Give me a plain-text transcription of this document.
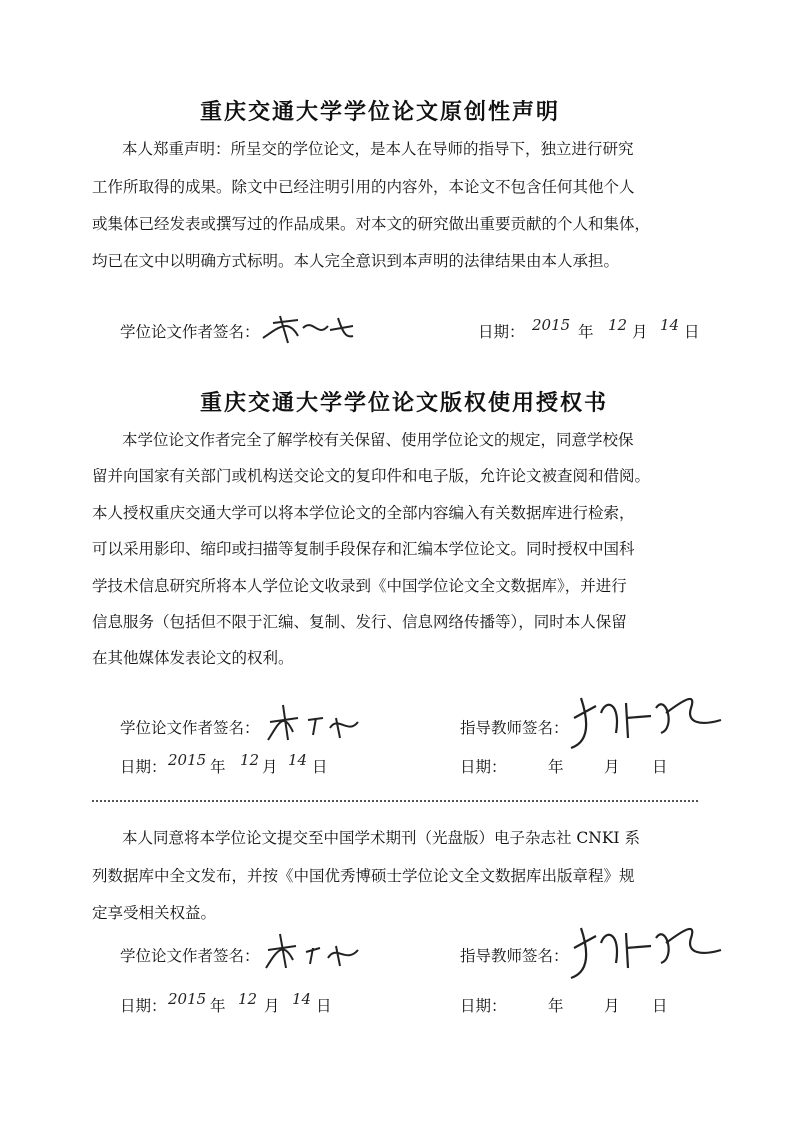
重庆交通大学学位论文原创性声明
本人郑重声明：所呈交的学位论文，是本人在导师的指导下，独立进行研究
工作所取得的成果。除文中已经注明引用的内容外，本论文不包含任何其他个人
或集体已经发表或撰写过的作品成果。对本文的研究做出重要贡献的个人和集体，
均已在文中以明确方式标明。本人完全意识到本声明的法律结果由本人承担。
学位论文作者签名：	日期： 2015 年 12 月 14 日
重庆交通大学学位论文版权使用授权书
本学位论文作者完全了解学校有关保留、使用学位论文的规定，同意学校保
留并向国家有关部门或机构送交论文的复印件和电子版，允许论文被查阅和借阅。
本人授权重庆交通大学可以将本学位论文的全部内容编入有关数据库进行检索，
可以采用影印、缩印或扫描等复制手段保存和汇编本学位论文。同时授权中国科
学技术信息研究所将本人学位论文收录到《中国学位论文全文数据库》，并进行
信息服务（包括但不限于汇编、复制、发行、信息网络传播等），同时本人保留
在其他媒体发表论文的权利。
学位论文作者签名：	指导教师签名：
日期： 2015 年 12 月 14 日	日期：	年	月 日
本人同意将本学位论文提交至中国学术期刊（光盘版）电子杂志社 CNKI 系
列数据库中全文发布，并按《中国优秀博硕士学位论文全文数据库出版章程》规
定享受相关权益。
学位论文作者签名：	指导教师签名：
日期： 2015 年 12 月 14 日	日期：	年	月 日
